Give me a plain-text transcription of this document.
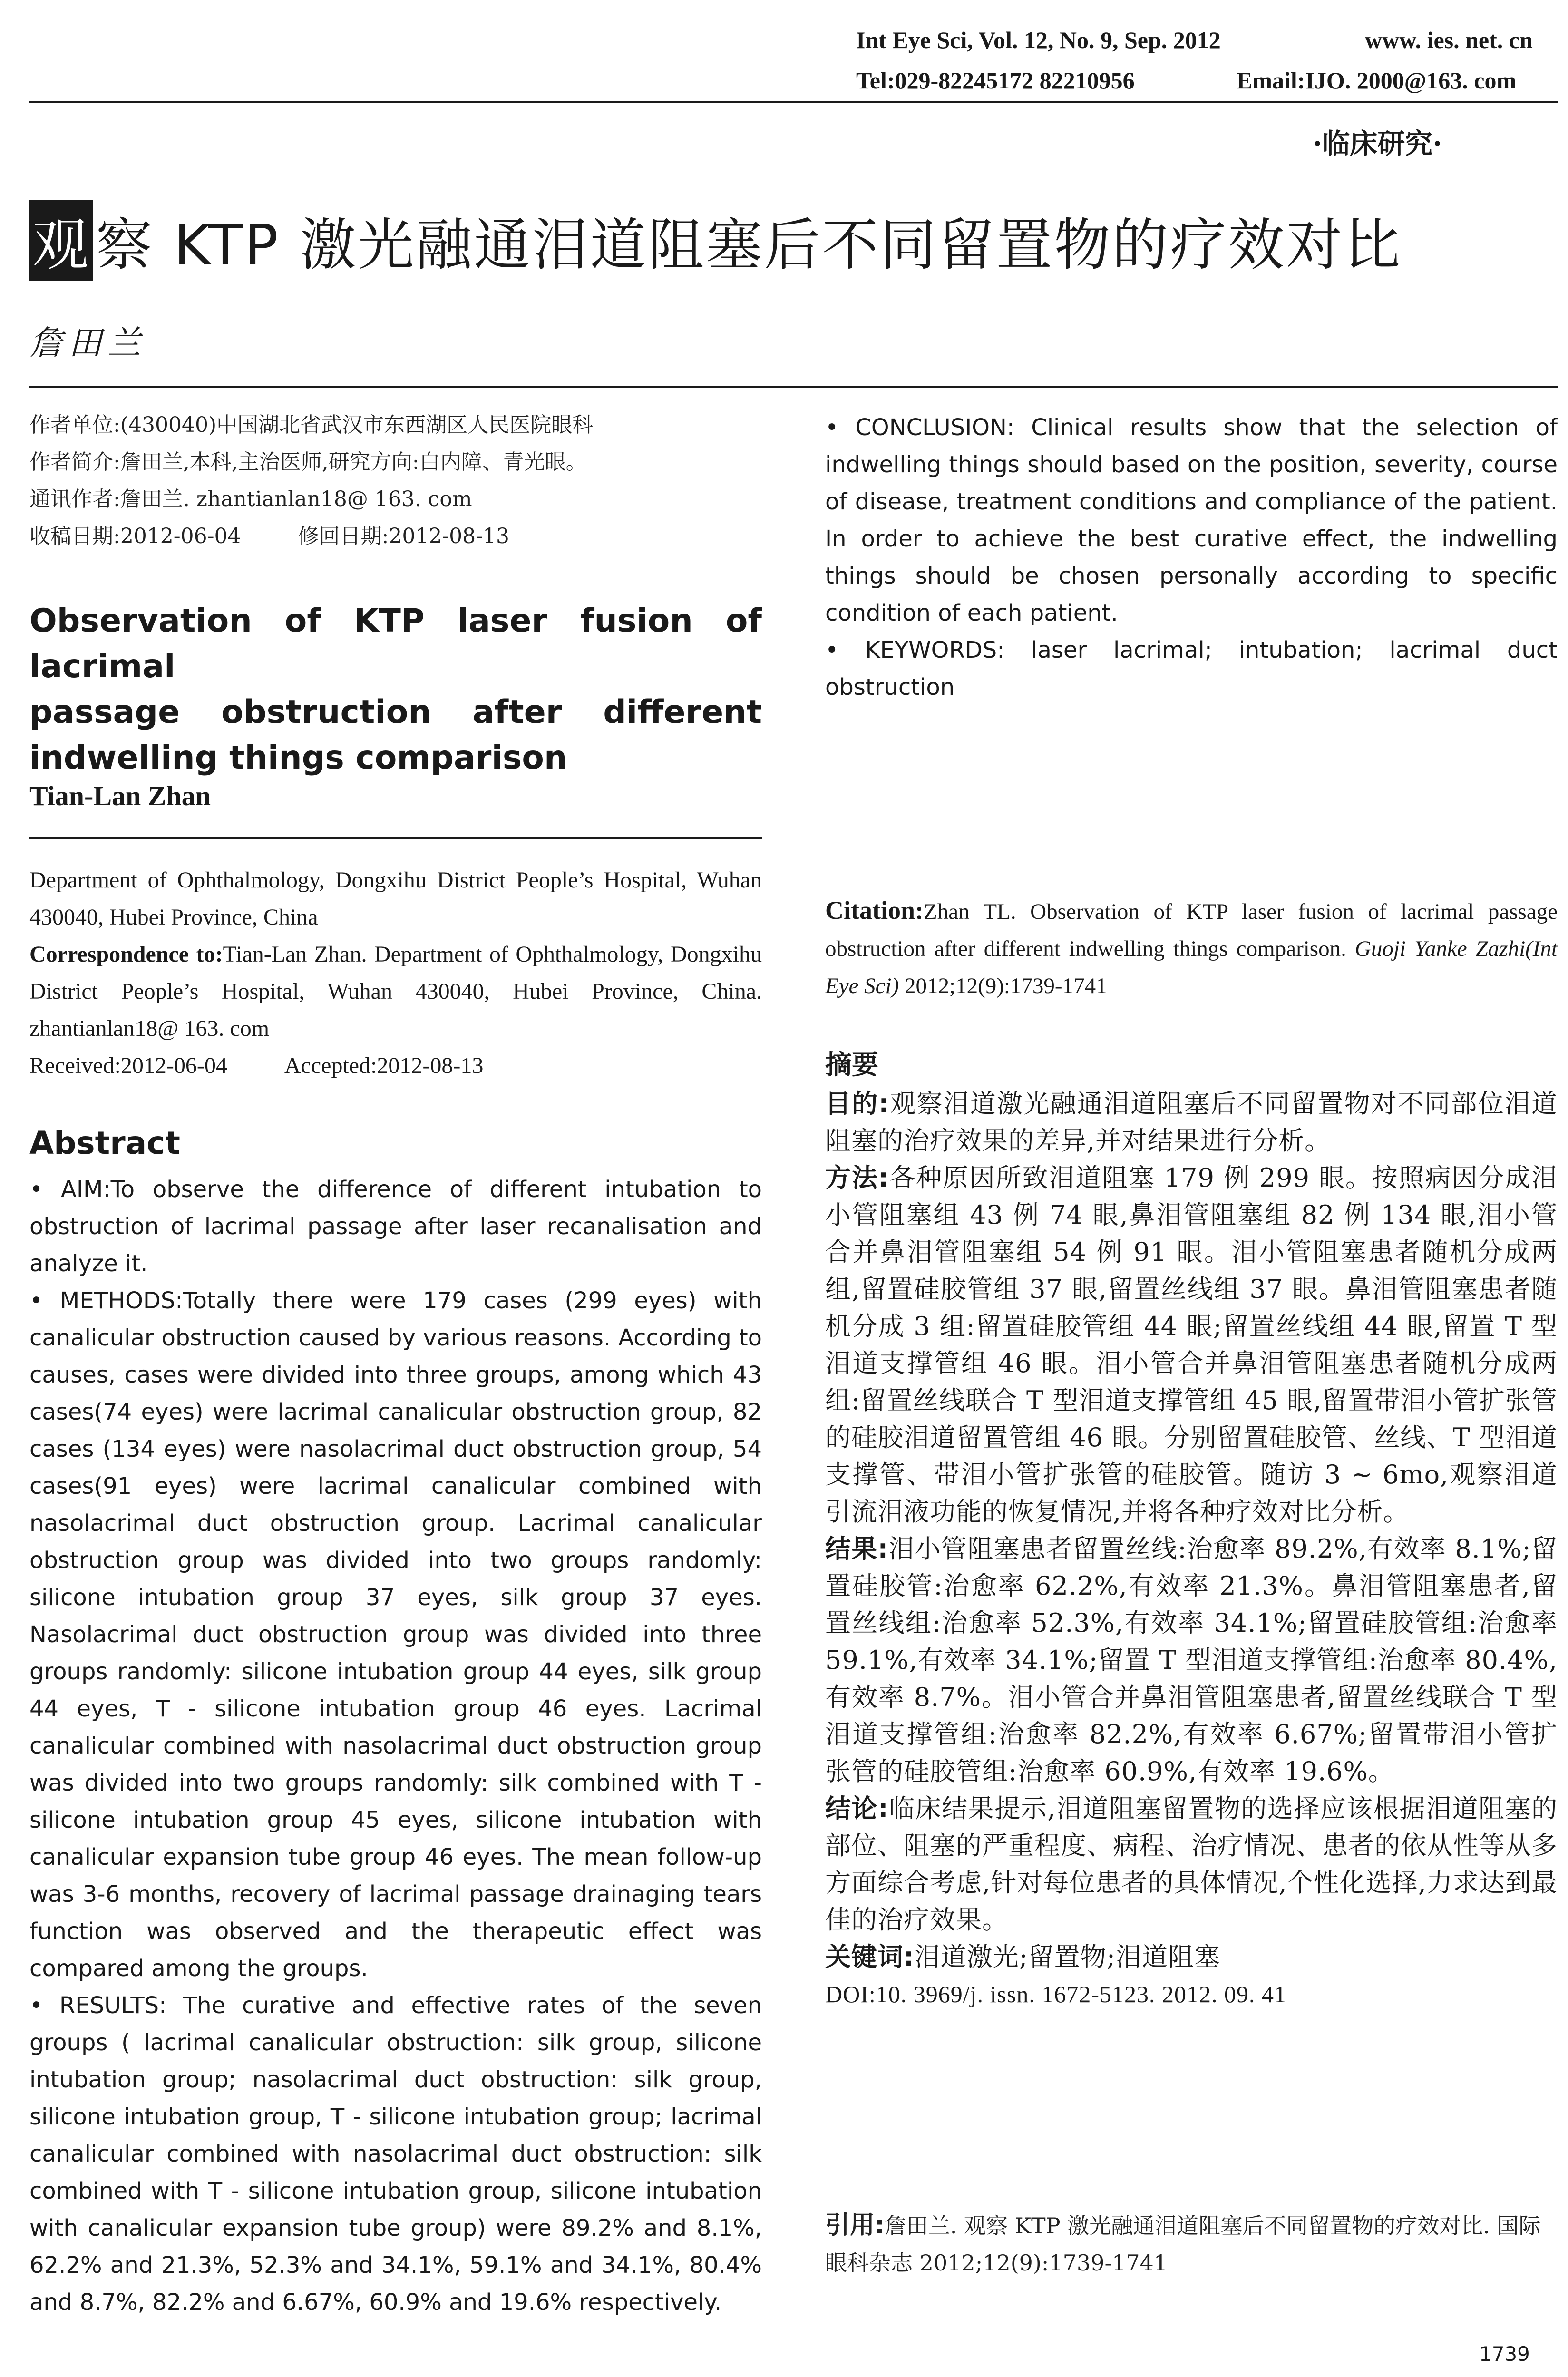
Int Eye Sci, Vol. 12, No. 9, Sep. 2012	www. ies. net. cn
Tel:029-82245172 82210956	Email:IJO. 2000@163. com
·临床研究·
观 察 KTP 激光融通泪道阻塞后不同留置物的疗效对比
詹田兰

作者单位:(430040)中国湖北省武汉市东西湖区人民医院眼科

作者简介:詹田兰,本科,主治医师,研究方向:白内障、青光眼。

通讯作者:詹田兰. zhantianlan18@ 163. com

收稿日期:2012-06-04	修回日期:2012-08-13

Observation of KTP laser fusion of lacrimal

passage obstruction after different

indwelling things comparison

Tian-Lan Zhan

Department of Ophthalmology, Dongxihu District People’s Hospital, Wuhan 430040, Hubei Province, China

Correspondence to:Tian-Lan Zhan. Department of Ophthalmology, Dongxihu District People’s Hospital, Wuhan 430040, Hubei Province, China. zhantianlan18@ 163. com

Received:2012-06-04	Accepted:2012-08-13

Abstract

• AIM:To observe the difference of different intubation to obstruction of lacrimal passage after laser recanalisation and analyze it.

• METHODS:Totally there were 179 cases (299 eyes) with canalicular obstruction caused by various reasons. According to causes, cases were divided into three groups, among which 43 cases(74 eyes) were lacrimal canalicular obstruction group, 82 cases (134 eyes) were nasolacrimal duct obstruction group, 54 cases(91 eyes) were lacrimal canalicular combined with nasolacrimal duct obstruction group. Lacrimal canalicular obstruction group was divided into two groups randomly: silicone intubation group 37 eyes, silk group 37 eyes. Nasolacrimal duct obstruction group was divided into three groups randomly: silicone intubation group 44 eyes, silk group 44 eyes, T - silicone intubation group 46 eyes. Lacrimal canalicular combined with nasolacrimal duct obstruction group was divided into two groups randomly: silk combined with T - silicone intubation group 45 eyes, silicone intubation with canalicular expansion tube group 46 eyes. The mean follow-up was 3-6 months, recovery of lacrimal passage drainaging tears function was observed and the therapeutic effect was compared among the groups.

• RESULTS: The curative and effective rates of the seven groups ( lacrimal canalicular obstruction: silk group, silicone intubation group; nasolacrimal duct obstruction: silk group, silicone intubation group, T - silicone intubation group; lacrimal canalicular combined with nasolacrimal duct obstruction: silk combined with T - silicone intubation group, silicone intubation with canalicular expansion tube group) were 89.2% and 8.1%, 62.2% and 21.3%, 52.3% and 34.1%, 59.1% and 34.1%, 80.4% and 8.7%, 82.2% and 6.67%, 60.9% and 19.6% respectively.

• CONCLUSION: Clinical results show that the selection of indwelling things should based on the position, severity, course of disease, treatment conditions and compliance of the patient. In order to achieve the best curative effect, the indwelling things should be chosen personally according to specific condition of each patient.

• KEYWORDS: laser lacrimal; intubation; lacrimal duct obstruction

Citation:Zhan TL. Observation of KTP laser fusion of lacrimal passage obstruction after different indwelling things comparison. Guoji Yanke Zazhi(Int Eye Sci) 2012;12(9):1739-1741
摘要

目的:观察泪道激光融通泪道阻塞后不同留置物对不同部位泪道阻塞的治疗效果的差异,并对结果进行分析。

方法:各种原因所致泪道阻塞 179 例 299 眼。按照病因分成泪小管阻塞组 43 例 74 眼,鼻泪管阻塞组 82 例 134 眼,泪小管合并鼻泪管阻塞组 54 例 91 眼。泪小管阻塞患者随机分成两组,留置硅胶管组 37 眼,留置丝线组 37 眼。鼻泪管阻塞患者随机分成 3 组:留置硅胶管组 44 眼;留置丝线组 44 眼,留置 T 型泪道支撑管组 46 眼。泪小管合并鼻泪管阻塞患者随机分成两组:留置丝线联合 T 型泪道支撑管组 45 眼,留置带泪小管扩张管的硅胶泪道留置管组 46 眼。分别留置硅胶管、丝线、T 型泪道支撑管、带泪小管扩张管的硅胶管。随访 3 ~ 6mo,观察泪道引流泪液功能的恢复情况,并将各种疗效对比分析。

结果:泪小管阻塞患者留置丝线:治愈率 89.2%,有效率 8.1%;留置硅胶管:治愈率 62.2%,有效率 21.3%。鼻泪管阻塞患者,留置丝线组:治愈率 52.3%,有效率 34.1%;留置硅胶管组:治愈率 59.1%,有效率 34.1%;留置 T 型泪道支撑管组:治愈率 80.4%,有效率 8.7%。泪小管合并鼻泪管阻塞患者,留置丝线联合 T 型泪道支撑管组:治愈率 82.2%,有效率 6.67%;留置带泪小管扩张管的硅胶管组:治愈率 60.9%,有效率 19.6%。

结论:临床结果提示,泪道阻塞留置物的选择应该根据泪道阻塞的部位、阻塞的严重程度、病程、治疗情况、患者的依从性等从多方面综合考虑,针对每位患者的具体情况,个性化选择,力求达到最佳的治疗效果。

关键词:泪道激光;留置物;泪道阻塞

DOI:10. 3969/j. issn. 1672-5123. 2012. 09. 41

引用:詹田兰. 观察 KTP 激光融通泪道阻塞后不同留置物的疗效对比. 国际眼科杂志 2012;12(9):1739-1741
1739
